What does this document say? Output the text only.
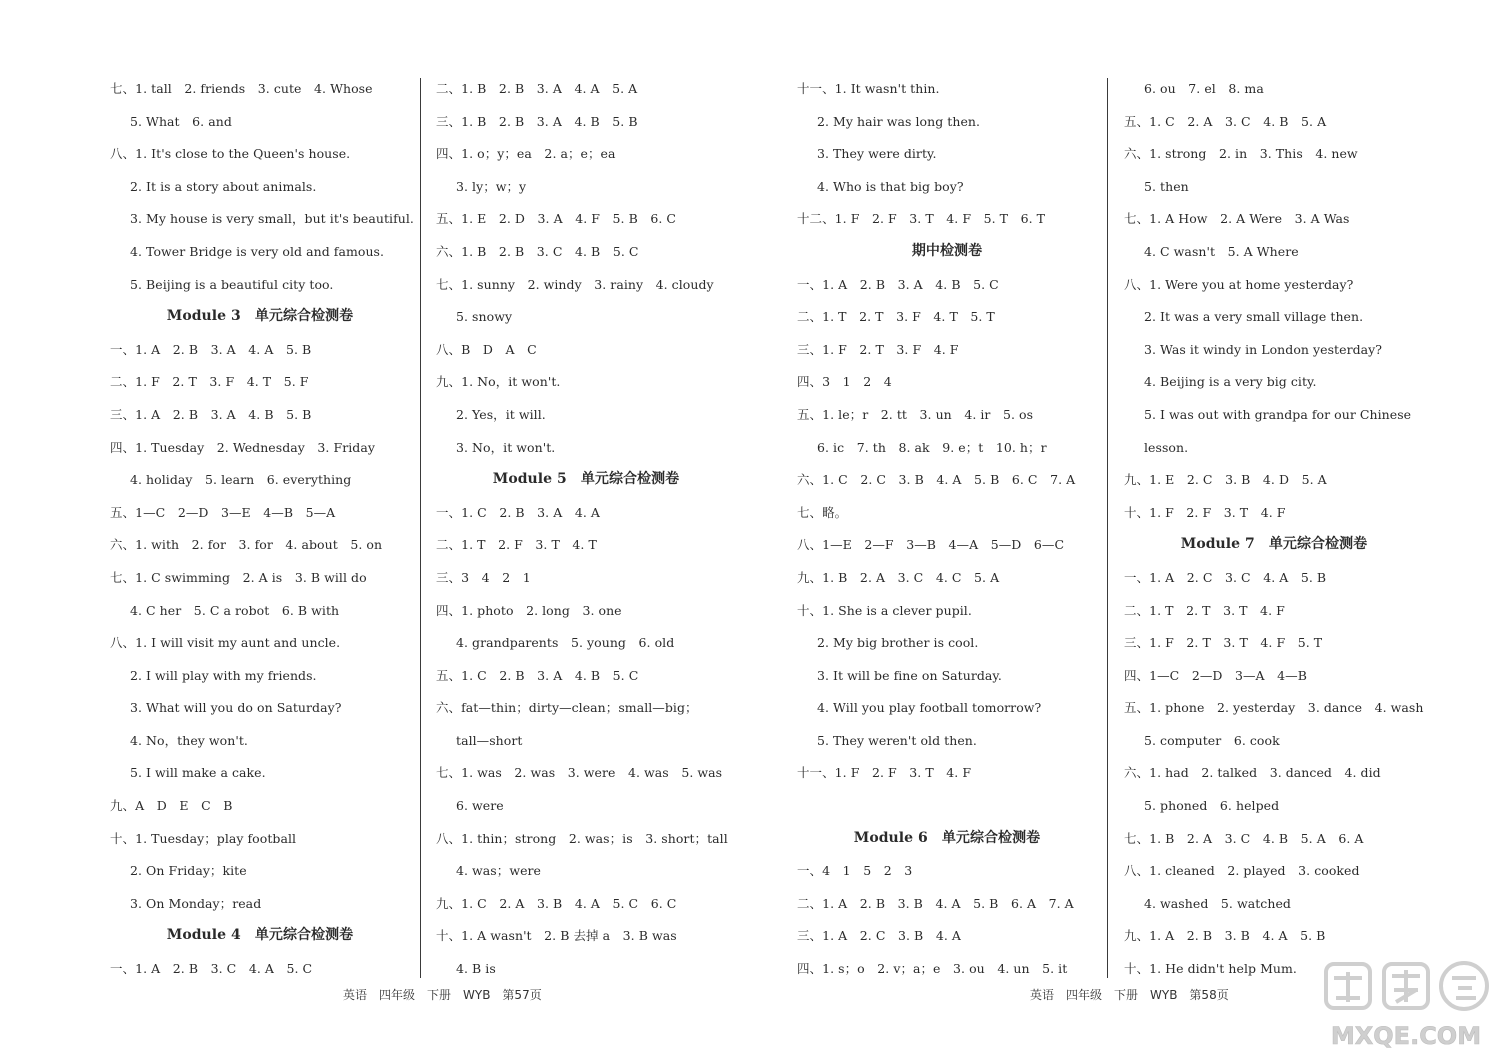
七、1. tall　2. friends　3. cute　4. Whose
5. What　6. and
八、1. It's close to the Queen's house.
2. It is a story about animals.
3. My house is very small，but it's beautiful.
4. Tower Bridge is very old and famous.
5. Beijing is a beautiful city too.
Module 3　单元综合检测卷
一、1. A　2. B　3. A　4. A　5. B
二、1. F　2. T　3. F　4. T　5. F
三、1. A　2. B　3. A　4. B　5. B
四、1. Tuesday　2. Wednesday　3. Friday
4. holiday　5. learn　6. everything
五、1—C　2—D　3—E　4—B　5—A
六、1. with　2. for　3. for　4. about　5. on
七、1. C swimming　2. A is　3. B will do
4. C her　5. C a robot　6. B with
八、1. I will visit my aunt and uncle.
2. I will play with my friends.
3. What will you do on Saturday?
4. No，they won't.
5. I will make a cake.
九、A　D　E　C　B
十、1. Tuesday；play football
2. On Friday；kite
3. On Monday；read
Module 4　单元综合检测卷
一、1. A　2. B　3. C　4. A　5. C
二、1. B　2. B　3. A　4. A　5. A
三、1. B　2. B　3. A　4. B　5. B
四、1. o；y；ea　2. a；e；ea
3. ly；w；y
五、1. E　2. D　3. A　4. F　5. B　6. C
六、1. B　2. B　3. C　4. B　5. C
七、1. sunny　2. windy　3. rainy　4. cloudy
5. snowy
八、B　D　A　C
九、1. No，it won't.
2. Yes，it will.
3. No，it won't.
Module 5　单元综合检测卷
一、1. C　2. B　3. A　4. A
二、1. T　2. F　3. T　4. T
三、3　4　2　1
四、1. photo　2. long　3. one
4. grandparents　5. young　6. old
五、1. C　2. B　3. A　4. B　5. C
六、fat—thin；dirty—clean；small—big；
tall—short
七、1. was　2. was　3. were　4. was　5. was
6. were
八、1. thin；strong　2. was；is　3. short；tall
4. was；were
九、1. C　2. A　3. B　4. A　5. C　6. C
十、1. A wasn't　2. B 去掉 a　3. B was
4. B is
十一、1. It wasn't thin.
2. My hair was long then.
3. They were dirty.
4. Who is that big boy?
十二、1. F　2. F　3. T　4. F　5. T　6. T
期中检测卷
一、1. A　2. B　3. A　4. B　5. C
二、1. T　2. T　3. F　4. T　5. T
三、1. F　2. T　3. F　4. F
四、3　1　2　4
五、1. le；r　2. tt　3. un　4. ir　5. os
6. ic　7. th　8. ak　9. e；t　10. h；r
六、1. C　2. C　3. B　4. A　5. B　6. C　7. A
七、略。
八、1—E　2—F　3—B　4—A　5—D　6—C
九、1. B　2. A　3. C　4. C　5. A
十、1. She is a clever pupil.
2. My big brother is cool.
3. It will be fine on Saturday.
4. Will you play football tomorrow?
5. They weren't old then.
十一、1. F　2. F　3. T　4. F
Module 6　单元综合检测卷
一、4　1　5　2　3
二、1. A　2. B　3. B　4. A　5. B　6. A　7. A
三、1. A　2. C　3. B　4. A
四、1. s；o　2. v；a；e　3. ou　4. un　5. it
6. ou　7. el　8. ma
五、1. C　2. A　3. C　4. B　5. A
六、1. strong　2. in　3. This　4. new
5. then
七、1. A How　2. A Were　3. A Was
4. C wasn't　5. A Where
八、1. Were you at home yesterday?
2. It was a very small village then.
3. Was it windy in London yesterday?
4. Beijing is a very big city.
5. I was out with grandpa for our Chinese
lesson.
九、1. E　2. C　3. B　4. D　5. A
十、1. F　2. F　3. T　4. F
Module 7　单元综合检测卷
一、1. A　2. C　3. C　4. A　5. B
二、1. T　2. T　3. T　4. F
三、1. F　2. T　3. T　4. F　5. T
四、1—C　2—D　3—A　4—B
五、1. phone　2. yesterday　3. dance　4. wash
5. computer　6. cook
六、1. had　2. talked　3. danced　4. did
5. phoned　6. helped
七、1. B　2. A　3. C　4. B　5. A　6. A
八、1. cleaned　2. played　3. cooked
4. washed　5. watched
九、1. A　2. B　3. B　4. A　5. B
十、1. He didn't help Mum.
英语　四年级　下册　WYB　第57页	英语　四年级　下册　WYB　第58页
MXQE.COM
